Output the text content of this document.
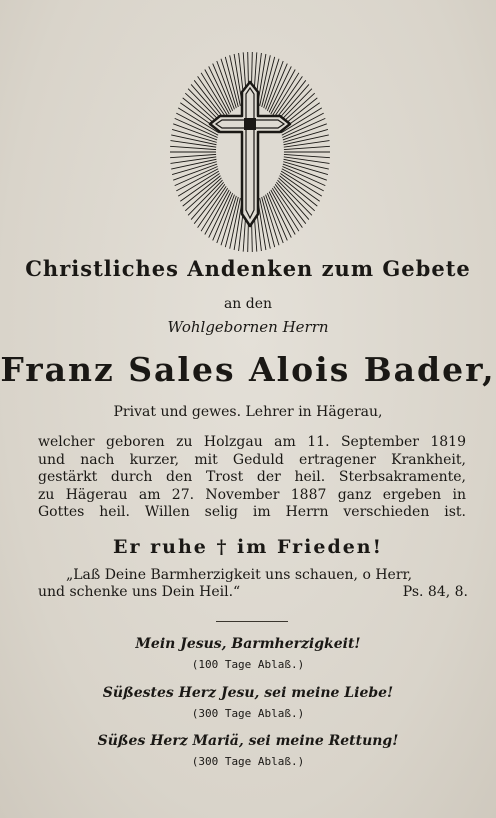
Christliches Andenken zum Gebete
an den
Wohlgebornen Herrn
Franz Sales Alois Bader,
Privat und gewes. Lehrer in Hägerau,
welcher geboren zu Holzgau am 11. September 1819
und nach kurzer, mit Geduld ertragener Krankheit,
gestärkt durch den Trost der heil. Sterbsakramente,
zu Hägerau am 27. November 1887 ganz ergeben in
Gottes heil. Willen selig im Herrn verschieden ist.
Er ruhe † im Frieden!
„Laß Deine Barmherzigkeit uns schauen, o Herr,
und schenke uns Dein Heil.“	Ps. 84, 8.
Mein Jesus, Barmherzigkeit!
(100 Tage Ablaß.)
Süßestes Herz Jesu, sei meine Liebe!
(300 Tage Ablaß.)
Süßes Herz Mariä, sei meine Rettung!
(300 Tage Ablaß.)
